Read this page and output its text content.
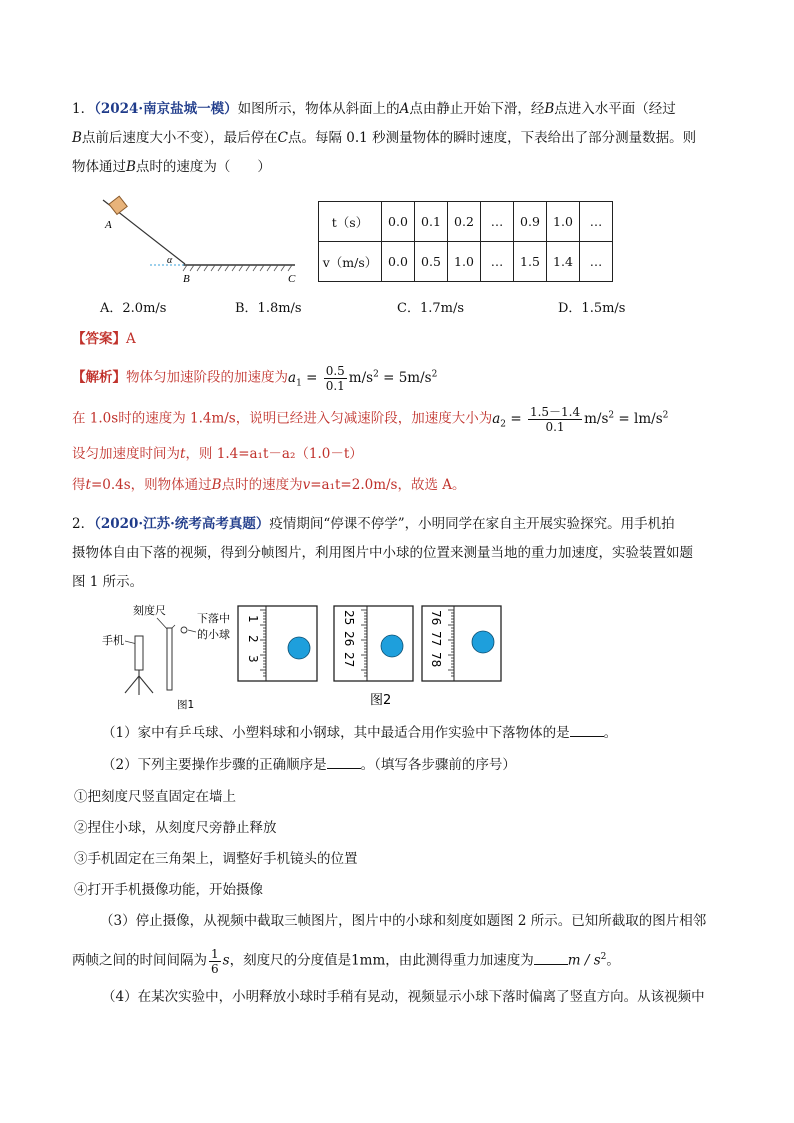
1．（2024·南京盐城一模）如图所示，物体从斜面上的A点由静止开始下滑，经B点进入水平面（经过
B点前后速度大小不变），最后停在C点。每隔 0.1 秒测量物体的瞬时速度，下表给出了部分测量数据。则
物体通过B点时的速度为（　　）
A
α
B	C
t（s）	0.0	0.1	0.2	…	0.9	1.0	…
v（m/s）	0.0	0.5	1.0	…	1.5	1.4	…
A．2.0m/s	B．1.8m/s	C．1.7m/s	D．1.5m/s
【答案】A
【解析】物体匀加速阶段的加速度为$a_1 = \frac{0.5}{0.1} m/s^2 = 5m/s^2$
在 1.0s时的速度为 1.4m/s，说明已经进入匀减速阶段，加速度大小为$a_2 = \frac{1.5-1.4}{0.1} m/s^2 = lm/s^2$
设匀加速度时间为t，则 1.4=a₁t－a₂（1.0－t）
得t=0.4s，则物体通过B点时的速度为v=a₁t=2.0m/s，故选 A。
2．（2020·江苏·统考高考真题）疫情期间“停课不停学”，小明同学在家自主开展实验探究。用手机拍
摄物体自由下落的视频，得到分帧图片，利用图片中小球的位置来测量当地的重力加速度，实验装置如题
图 1 所示。
刻度尺
手机
下落中
的小球
图1
1
2
3
25
26
27
76
77
78
图2
（1）家中有乒乓球、小塑料球和小钢球，其中最适合用作实验中下落物体的是	。
（2）下列主要操作步骤的正确顺序是	。（填写各步骤前的序号）
①把刻度尺竖直固定在墙上
②捏住小球，从刻度尺旁静止释放
③手机固定在三角架上，调整好手机镜头的位置
④打开手机摄像功能，开始摄像
（3）停止摄像，从视频中截取三帧图片，图片中的小球和刻度如题图 2 所示。已知所截取的图片相邻
两帧之间的时间间隔为 $\frac{1}{6}$ s，刻度尺的分度值是1mm，由此测得重力加速度为	m / $s^2$。
（4）在某次实验中，小明释放小球时手稍有晃动，视频显示小球下落时偏离了竖直方向。从该视频中
